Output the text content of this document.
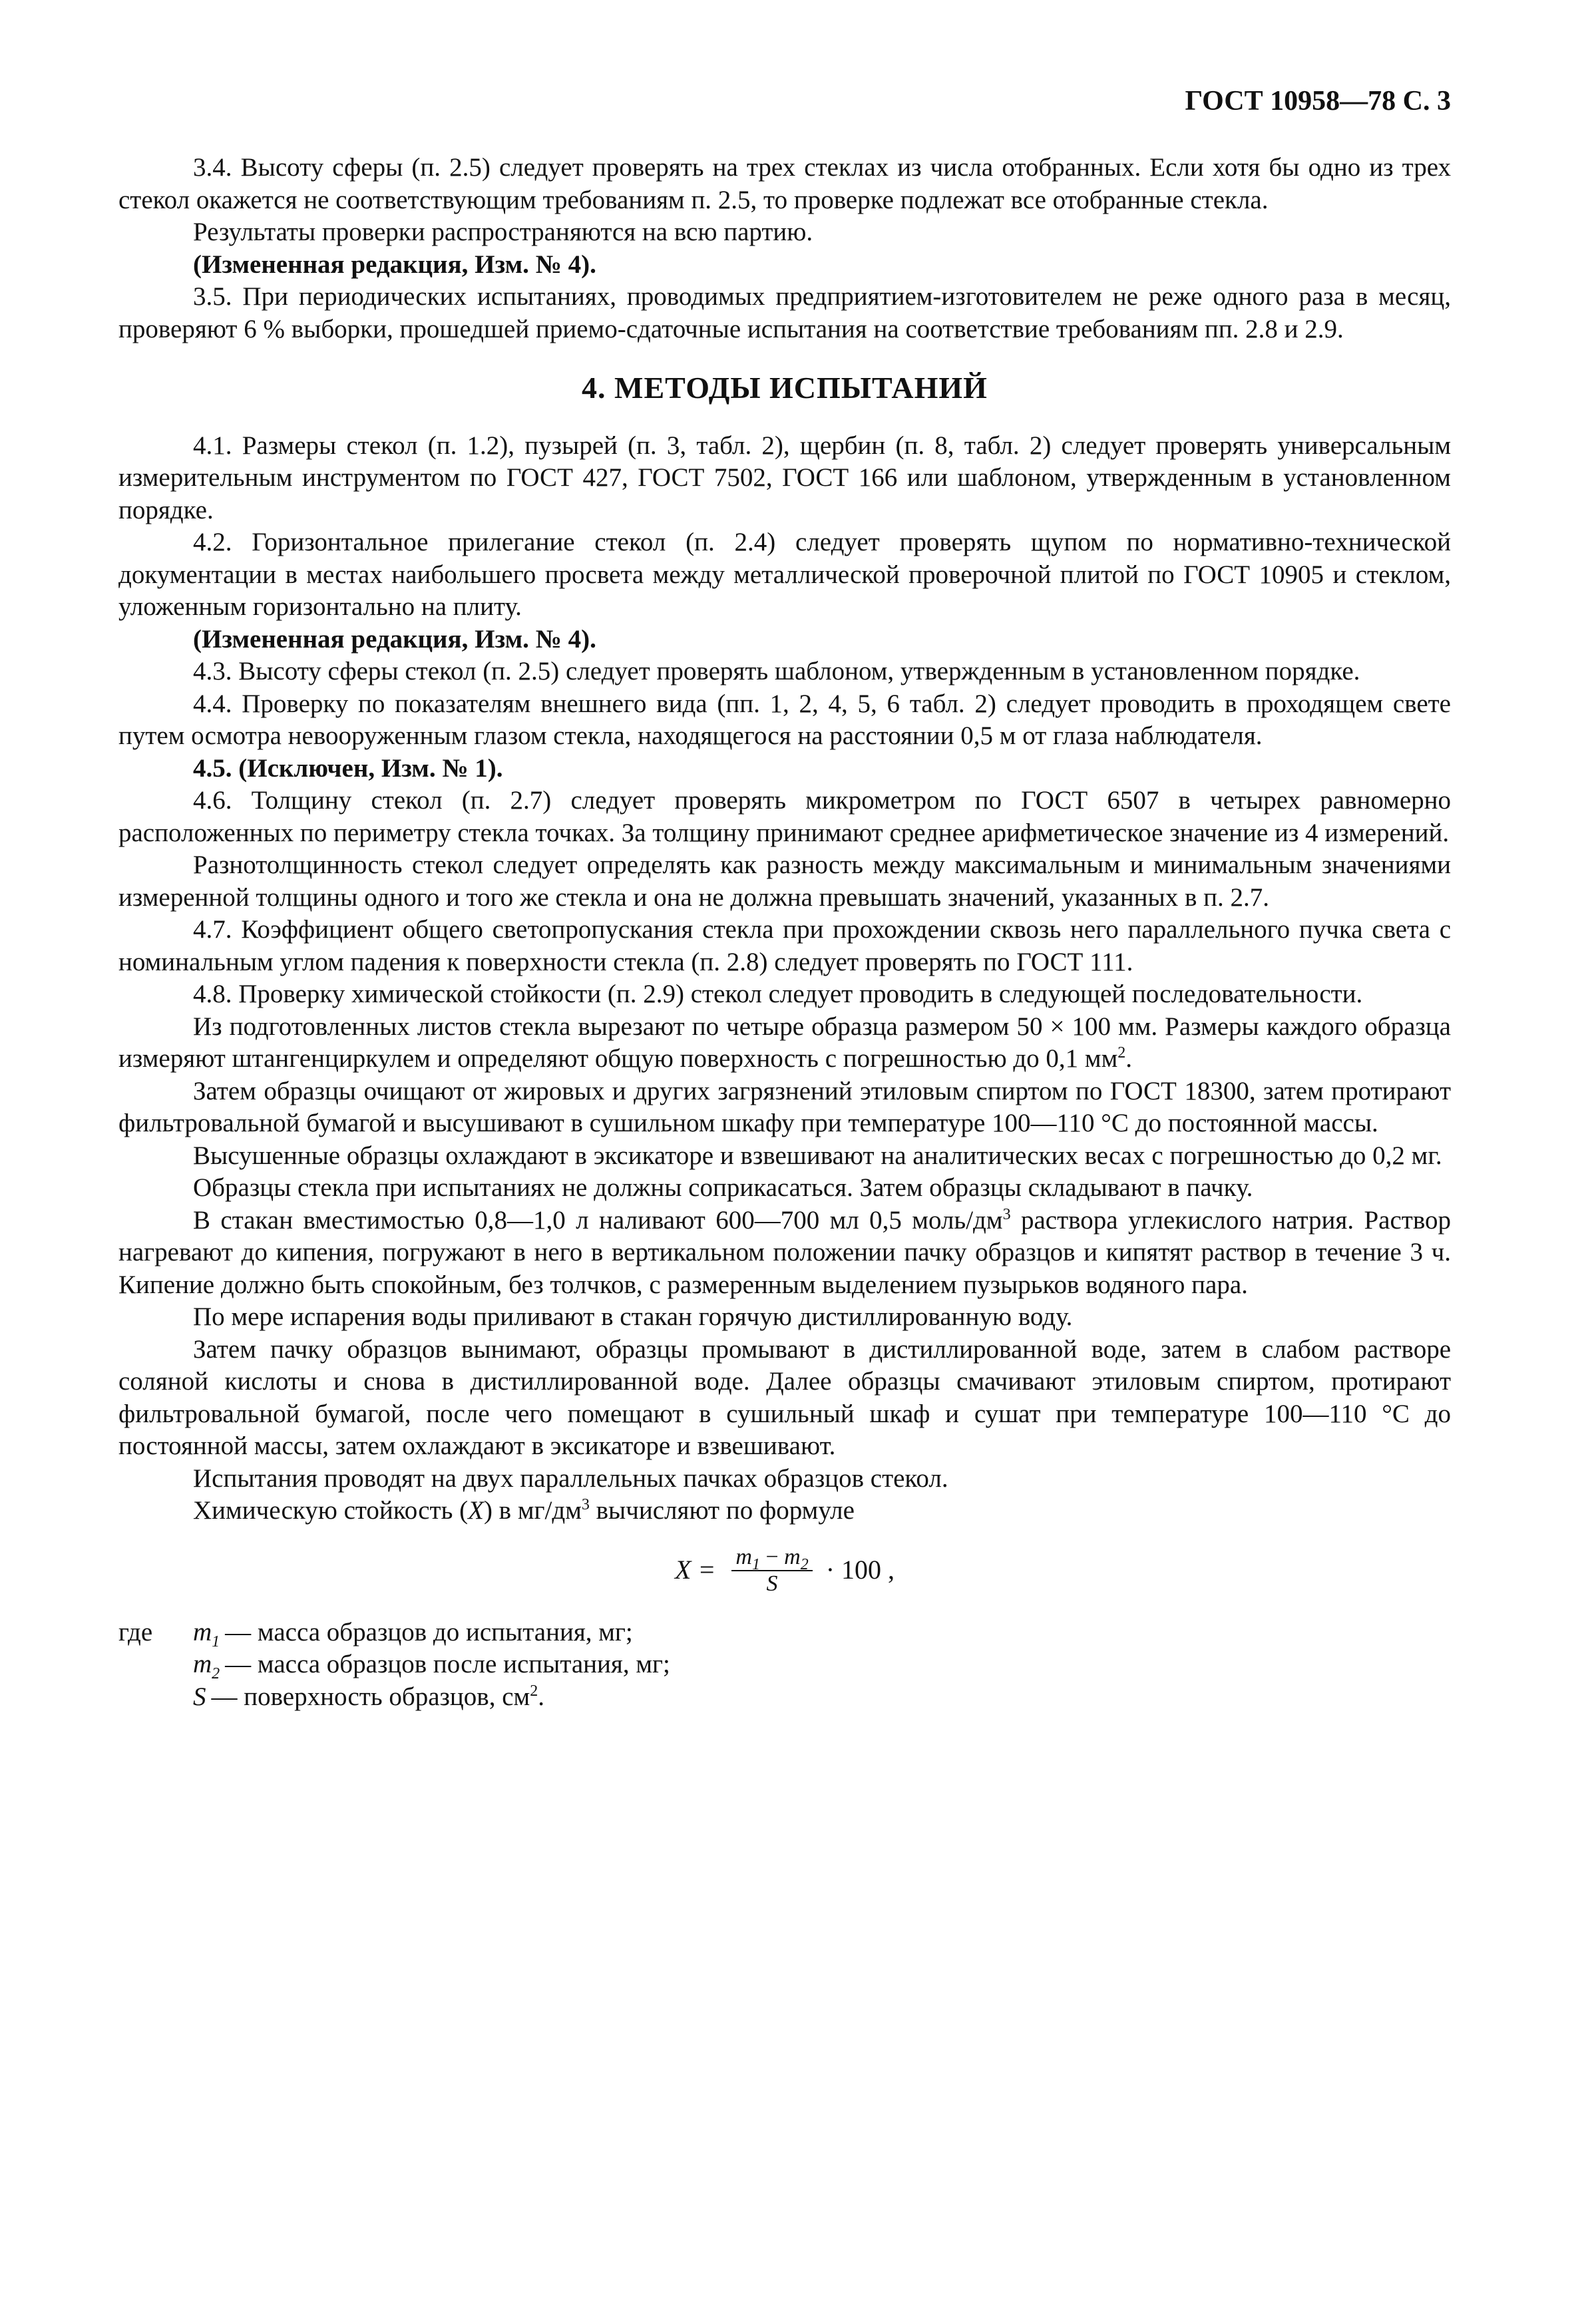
ГОСТ 10958—78 С. 3

3.4. Высоту сферы (п. 2.5) следует проверять на трех стеклах из числа отобранных. Если хотя бы одно из трех стекол окажется не соответствующим требованиям п. 2.5, то проверке подлежат все отобранные стекла.

Результаты проверки распространяются на всю партию.

(Измененная редакция, Изм. № 4).

3.5. При периодических испытаниях, проводимых предприятием-изготовителем не реже одного раза в месяц, проверяют 6 % выборки, прошедшей приемо-сдаточные испытания на соответствие требованиям пп. 2.8 и 2.9.

4. МЕТОДЫ ИСПЫТАНИЙ

4.1. Размеры стекол (п. 1.2), пузырей (п. 3, табл. 2), щербин (п. 8, табл. 2) следует проверять универсальным измерительным инструментом по ГОСТ 427, ГОСТ 7502, ГОСТ 166 или шаблоном, утвержденным в установленном порядке.

4.2. Горизонтальное прилегание стекол (п. 2.4) следует проверять щупом по нормативно-технической документации в местах наибольшего просвета между металлической проверочной плитой по ГОСТ 10905 и стеклом, уложенным горизонтально на плиту.

(Измененная редакция, Изм. № 4).

4.3. Высоту сферы стекол (п. 2.5) следует проверять шаблоном, утвержденным в установленном порядке.

4.4. Проверку по показателям внешнего вида (пп. 1, 2, 4, 5, 6 табл. 2) следует проводить в проходящем свете путем осмотра невооруженным глазом стекла, находящегося на расстоянии 0,5 м от глаза наблюдателя.

4.5. (Исключен, Изм. № 1).

4.6. Толщину стекол (п. 2.7) следует проверять микрометром по ГОСТ 6507 в четырех равномерно расположенных по периметру стекла точках. За толщину принимают среднее арифметическое значение из 4 измерений.

Разнотолщинность стекол следует определять как разность между максимальным и минимальным значениями измеренной толщины одного и того же стекла и она не должна превышать значений, указанных в п. 2.7.

4.7. Коэффициент общего светопропускания стекла при прохождении сквозь него параллельного пучка света с номинальным углом падения к поверхности стекла (п. 2.8) следует проверять по ГОСТ 111.

4.8. Проверку химической стойкости (п. 2.9) стекол следует проводить в следующей последовательности.

Из подготовленных листов стекла вырезают по четыре образца размером 50 × 100 мм. Размеры каждого образца измеряют штангенциркулем и определяют общую поверхность с погрешностью до 0,1 $мм^2$.

Затем образцы очищают от жировых и других загрязнений этиловым спиртом по ГОСТ 18300, затем протирают фильтровальной бумагой и высушивают в сушильном шкафу при температуре 100—110 °С до постоянной массы.

Высушенные образцы охлаждают в эксикаторе и взвешивают на аналитических весах с погрешностью до 0,2 мг.

Образцы стекла при испытаниях не должны соприкасаться. Затем образцы складывают в пачку.

В стакан вместимостью 0,8—1,0 л наливают 600—700 мл 0,5 моль/$дм^3$ раствора углекислого натрия. Раствор нагревают до кипения, погружают в него в вертикальном положении пачку образцов и кипятят раствор в течение 3 ч. Кипение должно быть спокойным, без толчков, с размеренным выделением пузырьков водяного пара.

По мере испарения воды приливают в стакан горячую дистиллированную воду.

Затем пачку образцов вынимают, образцы промывают в дистиллированной воде, затем в слабом растворе соляной кислоты и снова в дистиллированной воде. Далее образцы смачивают этиловым спиртом, протирают фильтровальной бумагой, после чего помещают в сушильный шкаф и сушат при температуре 100—110 °С до постоянной массы, затем охлаждают в эксикаторе и взвешивают.

Испытания проводят на двух параллельных пачках образцов стекол.

Химическую стойкость (X) в $мг/дм^3$ вычисляют по формуле

$X = \frac{m_1 - m_2}{S} \cdot 100$ ,
где	$m_1$ — масса образцов до испытания, мг;
$m_2$ — масса образцов после испытания, мг;
S — поверхность образцов, $см^2$.
